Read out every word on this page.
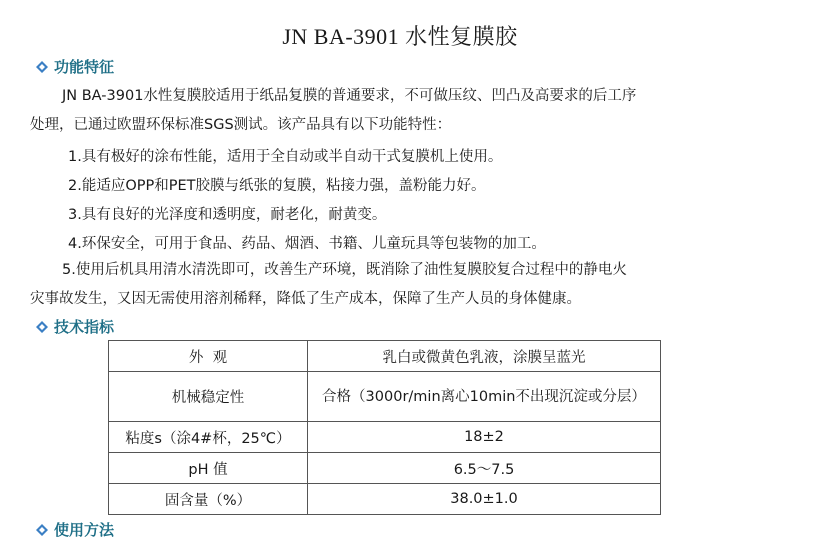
JN BA-3901 水性复膜胶
功能特征
JN BA-3901水性复膜胶适用于纸品复膜的普通要求，不可做压纹、凹凸及高要求的后工序
处理，已通过欧盟环保标准SGS测试。该产品具有以下功能特性：
1.具有极好的涂布性能，适用于全自动或半自动干式复膜机上使用。
2.能适应OPP和PET胶膜与纸张的复膜，粘接力强，盖粉能力好。
3.具有良好的光泽度和透明度，耐老化，耐黄变。
4.环保安全，可用于食品、药品、烟酒、书籍、儿童玩具等包装物的加工。
5.使用后机具用清水清洗即可，改善生产环境，既消除了油性复膜胶复合过程中的静电火
灾事故发生，又因无需使用溶剂稀释，降低了生产成本，保障了生产人员的身体健康。
技术指标
外  观	乳白或微黄色乳液，涂膜呈蓝光
机械稳定性	合格（3000r/min离心10min不出现沉淀或分层）
粘度s（涂4#杯，25℃）	18±2
pH 值	6.5～7.5
固含量（%）	38.0±1.0
使用方法
